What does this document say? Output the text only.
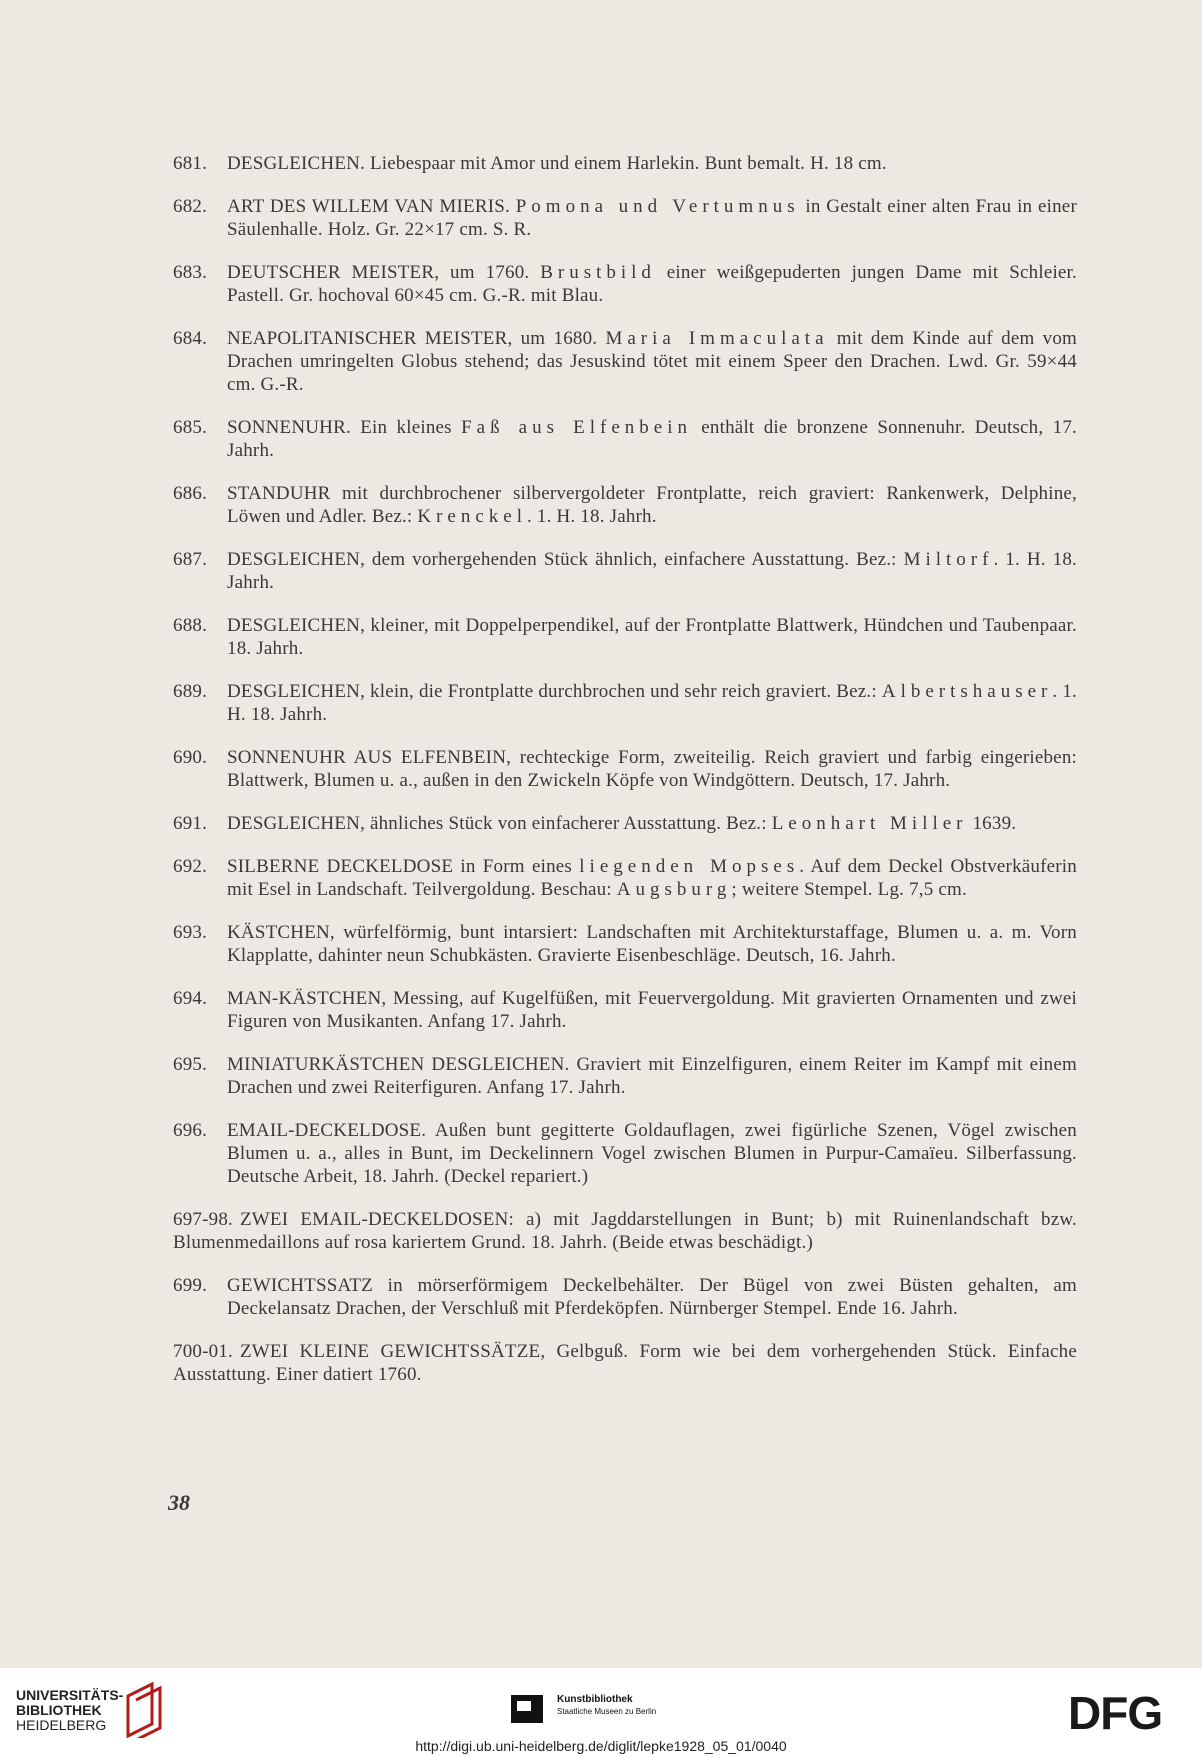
681. DESGLEICHEN. Liebespaar mit Amor und einem Harlekin. Bunt bemalt. H. 18 cm.
682. ART DES WILLEM VAN MIERIS. Pomona und Vertumnus in Gestalt einer alten Frau in einer Säulenhalle. Holz. Gr. 22×17 cm. S. R.
683. DEUTSCHER MEISTER, um 1760. Brustbild einer weißgepuderten jungen Dame mit Schleier. Pastell. Gr. hochoval 60×45 cm. G.-R. mit Blau.
684. NEAPOLITANISCHER MEISTER, um 1680. Maria Immaculata mit dem Kinde auf dem vom Drachen umringelten Globus stehend; das Jesuskind tötet mit einem Speer den Drachen. Lwd. Gr. 59×44 cm. G.-R.
685. SONNENUHR. Ein kleines Faß aus Elfenbein enthält die bronzene Sonnenuhr. Deutsch, 17. Jahrh.
686. STANDUHR mit durchbrochener silbervergoldeter Frontplatte, reich graviert: Rankenwerk, Delphine, Löwen und Adler. Bez.: Krenckel. 1. H. 18. Jahrh.
687. DESGLEICHEN, dem vorhergehenden Stück ähnlich, einfachere Ausstattung. Bez.: Miltorf. 1. H. 18. Jahrh.
688. DESGLEICHEN, kleiner, mit Doppelperpendikel, auf der Frontplatte Blattwerk, Hündchen und Taubenpaar. 18. Jahrh.
689. DESGLEICHEN, klein, die Frontplatte durchbrochen und sehr reich graviert. Bez.: Albertshauser. 1. H. 18. Jahrh.
690. SONNENUHR AUS ELFENBEIN, rechteckige Form, zweiteilig. Reich graviert und farbig eingerieben: Blattwerk, Blumen u. a., außen in den Zwickeln Köpfe von Windgöttern. Deutsch, 17. Jahrh.
691. DESGLEICHEN, ähnliches Stück von einfacherer Ausstattung. Bez.: Leonhart Miller 1639.
692. SILBERNE DECKELDOSE in Form eines liegenden Mopses. Auf dem Deckel Obstverkäuferin mit Esel in Landschaft. Teilvergoldung. Beschau: Augsburg; weitere Stempel. Lg. 7,5 cm.
693. KÄSTCHEN, würfelförmig, bunt intarsiert: Landschaften mit Architekturstaffage, Blumen u. a. m. Vorn Klapplatte, dahinter neun Schubkästen. Gravierte Eisenbeschläge. Deutsch, 16. Jahrh.
694. MAN-KÄSTCHEN, Messing, auf Kugelfüßen, mit Feuervergoldung. Mit gravierten Ornamenten und zwei Figuren von Musikanten. Anfang 17. Jahrh.
695. MINIATURKÄSTCHEN DESGLEICHEN. Graviert mit Einzelfiguren, einem Reiter im Kampf mit einem Drachen und zwei Reiterfiguren. Anfang 17. Jahrh.
696. EMAIL-DECKELDOSE. Außen bunt gegitterte Goldauflagen, zwei figürliche Szenen, Vögel zwischen Blumen u. a., alles in Bunt, im Deckelinnern Vogel zwischen Blumen in Purpur-Camaïeu. Silberfassung. Deutsche Arbeit, 18. Jahrh. (Deckel repariert.)
697-98. ZWEI EMAIL-DECKELDOSEN: a) mit Jagddarstellungen in Bunt; b) mit Ruinenlandschaft bzw. Blumenmedaillons auf rosa kariertem Grund. 18. Jahrh. (Beide etwas beschädigt.)
699. GEWICHTSSATZ in mörserförmigem Deckelbehälter. Der Bügel von zwei Büsten gehalten, am Deckelansatz Drachen, der Verschluß mit Pferdeköpfen. Nürnberger Stempel. Ende 16. Jahrh.
700-01. ZWEI KLEINE GEWICHTSSÄTZE, Gelbguß. Form wie bei dem vorhergehenden Stück. Einfache Ausstattung. Einer datiert 1760.
38
UNIVERSITÄTS-
BIBLIOTHEK
HEIDELBERG
Kunstbibliothek
Staatliche Museen zu Berlin	DFG
http://digi.ub.uni-heidelberg.de/diglit/lepke1928_05_01/0040
